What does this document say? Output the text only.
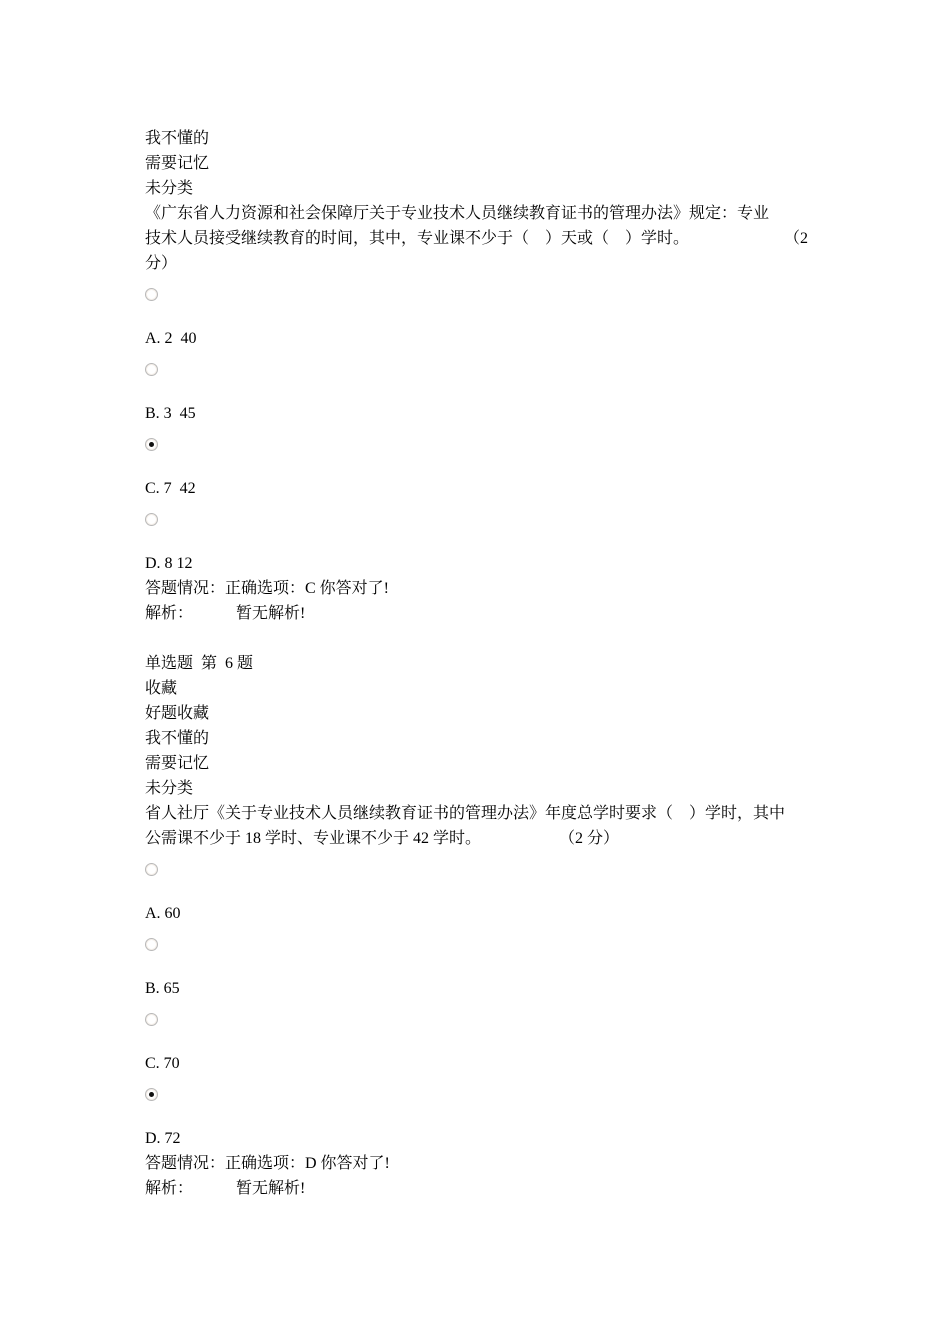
我不懂的
需要记忆
未分类
《广东省人力资源和社会保障厅关于专业技术人员继续教育证书的管理办法》规定：专业
技术人员接受继续教育的时间，其中，专业课不少于（　）天或（　）学时。	（2
分）
A. 2  40
B. 3  45
C. 7  42
D. 8 12
答题情况：正确选项：C 你答对了!
解析：	暂无解析!
单选题  第  6 题
收藏
好题收藏
我不懂的
需要记忆
未分类
省人社厅《关于专业技术人员继续教育证书的管理办法》年度总学时要求（　）学时，其中
公需课不少于 18 学时、专业课不少于 42 学时。	（2 分）
A. 60
B. 65
C. 70
D. 72
答题情况：正确选项：D 你答对了!
解析：	暂无解析!
